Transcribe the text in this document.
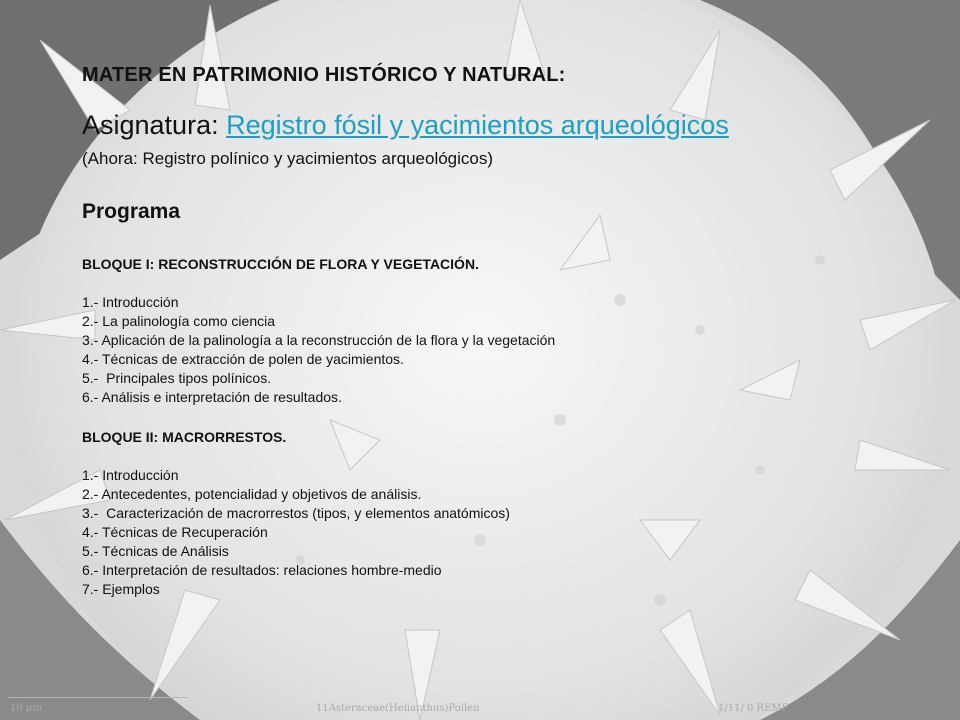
MATER EN PATRIMONIO HISTÓRICO Y NATURAL:

Asignatura: Registro fósil y yacimientos arqueológicos

(Ahora: Registro polínico y yacimientos arqueológicos)

Programa
BLOQUE I: RECONSTRUCCIÓN DE FLORA Y VEGETACIÓN.
1.- Introducción
2.- La palinología como ciencia
3.- Aplicación de la palinología a la reconstrucción de la flora y la vegetación
4.- Técnicas de extracción de polen de yacimientos.
5.-  Principales tipos polínicos.
6.- Análisis e interpretación de resultados.
BLOQUE II: MACRORRESTOS.
1.- Introducción
2.- Antecedentes, potencialidad y objetivos de análisis.
3.-  Caracterización de macrorrestos (tipos, y elementos anatómicos)
4.- Técnicas de Recuperación
5.- Técnicas de Análisis
6.- Interpretación de resultados: relaciones hombre-medio
7.- Ejemplos
10 μm	11Asteraceae(Helianthus)Pollen	1/11/ 0 REMF
